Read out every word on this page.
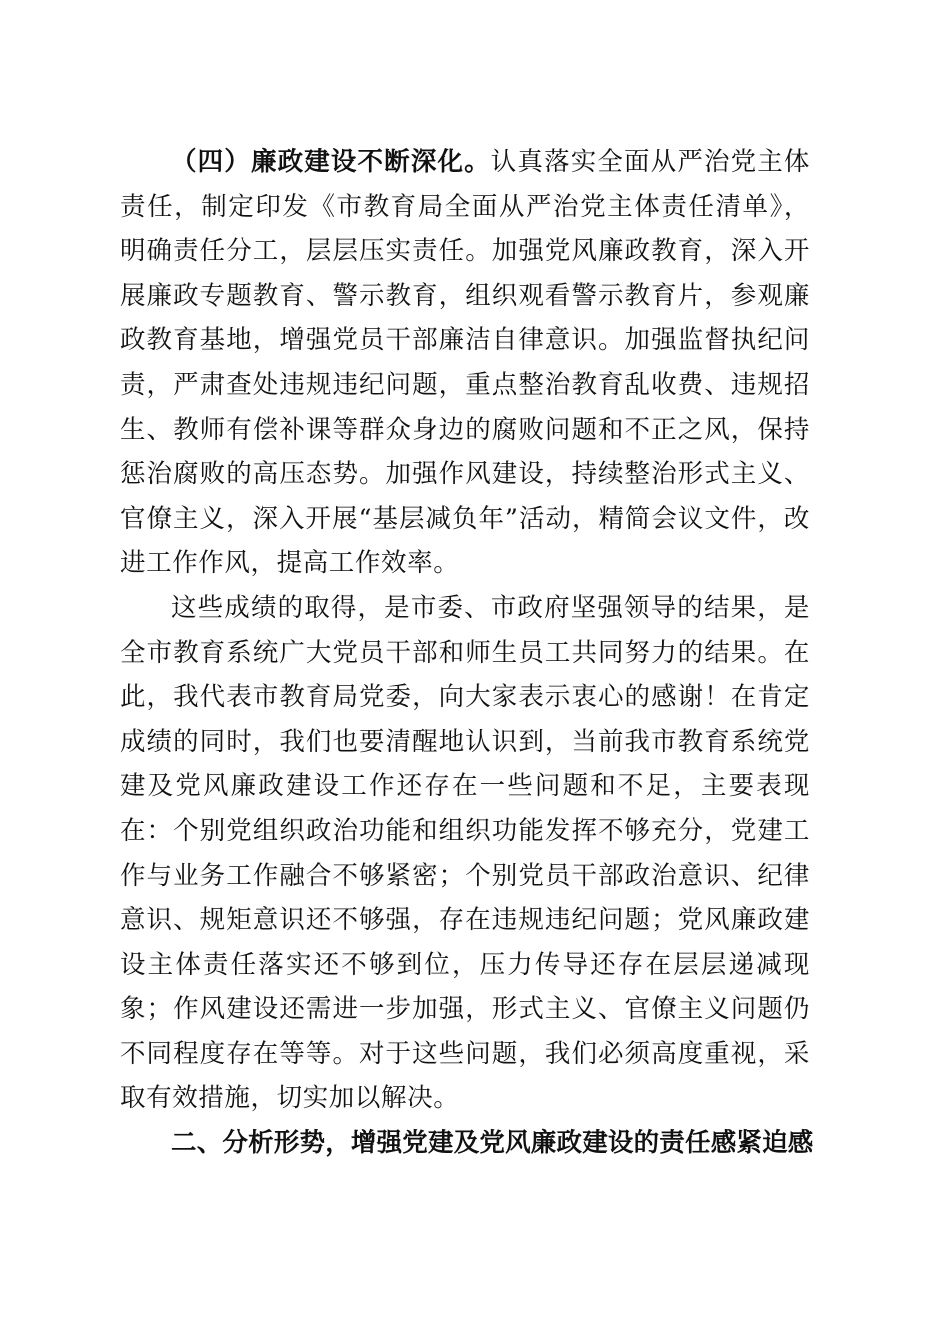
（四）廉政建设不断深化。认真落实全面从严治党主体责任，制定印发《市教育局全面从严治党主体责任清单》，明确责任分工，层层压实责任。加强党风廉政教育，深入开展廉政专题教育、警示教育，组织观看警示教育片，参观廉政教育基地，增强党员干部廉洁自律意识。加强监督执纪问责，严肃查处违规违纪问题，重点整治教育乱收费、违规招生、教师有偿补课等群众身边的腐败问题和不正之风，保持惩治腐败的高压态势。加强作风建设，持续整治形式主义、官僚主义，深入开展“基层减负年”活动，精简会议文件，改进工作作风，提高工作效率。

这些成绩的取得，是市委、市政府坚强领导的结果，是全市教育系统广大党员干部和师生员工共同努力的结果。在此，我代表市教育局党委，向大家表示衷心的感谢！在肯定成绩的同时，我们也要清醒地认识到，当前我市教育系统党建及党风廉政建设工作还存在一些问题和不足，主要表现在：个别党组织政治功能和组织功能发挥不够充分，党建工作与业务工作融合不够紧密；个别党员干部政治意识、纪律意识、规矩意识还不够强，存在违规违纪问题；党风廉政建设主体责任落实还不够到位，压力传导还存在层层递减现象；作风建设还需进一步加强，形式主义、官僚主义问题仍不同程度存在等等。对于这些问题，我们必须高度重视，采取有效措施，切实加以解决。

二、分析形势，增强党建及党风廉政建设的责任感紧迫感
